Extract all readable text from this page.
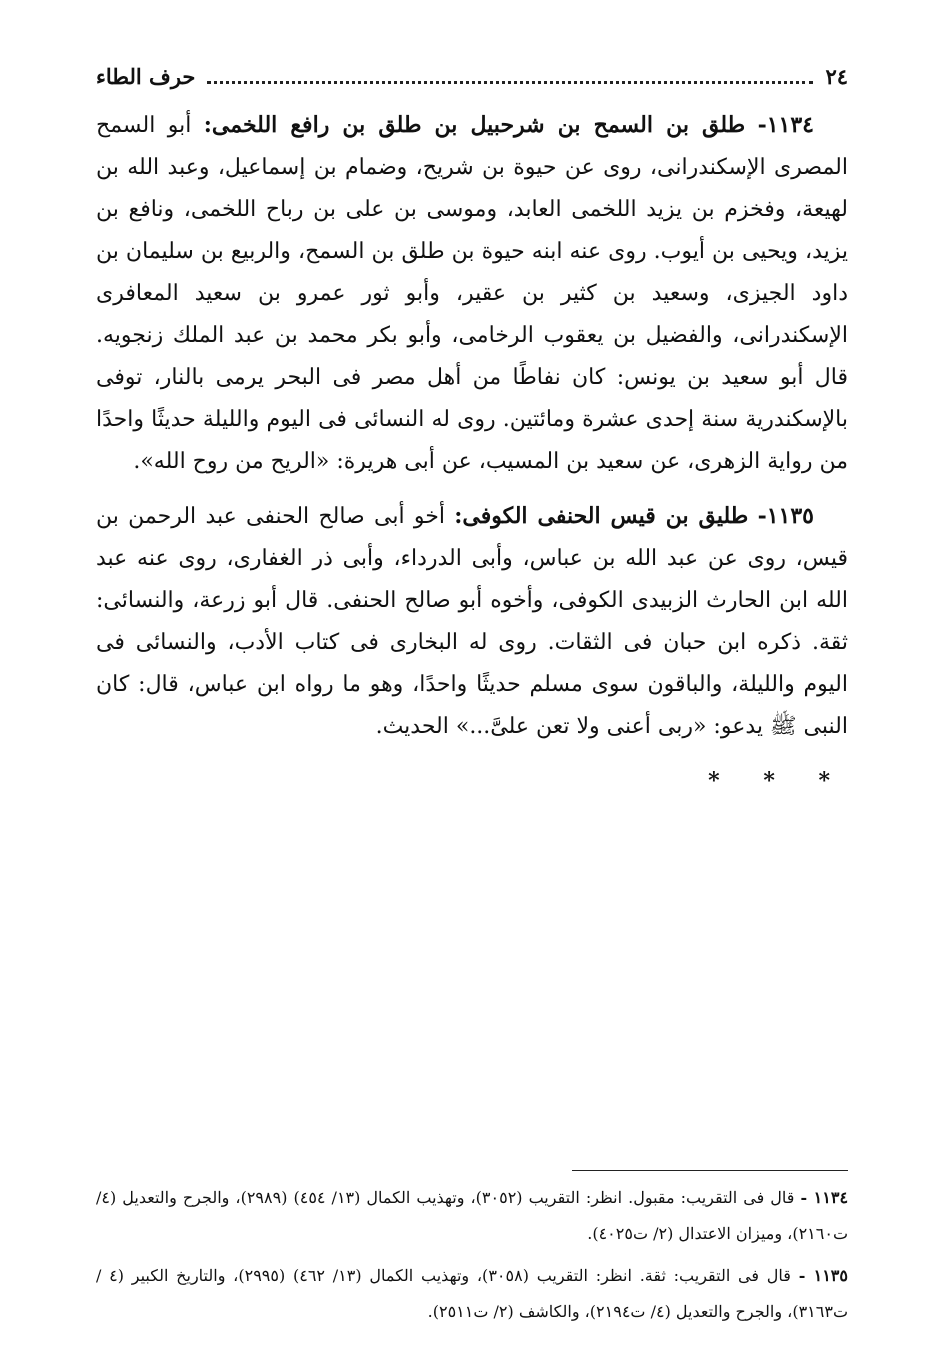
٢٤
حرف الطاء

١١٣٤- طلق بن السمح بن شرحبيل بن طلق بن رافع اللخمى: أبو السمح المصرى الإسكندرانى، روى عن حيوة بن شريح، وضمام بن إسماعيل، وعبد الله بن لهيعة، وفخزم بن يزيد اللخمى العابد، وموسى بن على بن رباح اللخمى، ونافع بن يزيد، ويحيى بن أيوب. روى عنه ابنه حيوة بن طلق بن السمح، والربيع بن سليمان بن داود الجيزى، وسعيد بن كثير بن عقير، وأبو ثور عمرو بن سعيد المعافرى الإسكندرانى، والفضيل بن يعقوب الرخامى، وأبو بكر محمد بن عبد الملك زنجويه. قال أبو سعيد بن يونس: كان نفاطًا من أهل مصر فى البحر يرمى بالنار، توفى بالإسكندرية سنة إحدى عشرة ومائتين. روى له النسائى فى اليوم والليلة حديثًا واحدًا من رواية الزهرى، عن سعيد بن المسيب، عن أبى هريرة: «الريح من روح الله».

١١٣٥- طليق بن قيس الحنفى الكوفى: أخو أبى صالح الحنفى عبد الرحمن بن قيس، روى عن عبد الله بن عباس، وأبى الدرداء، وأبى ذر الغفارى، روى عنه عبد الله ابن الحارث الزبيدى الكوفى، وأخوه أبو صالح الحنفى. قال أبو زرعة، والنسائى: ثقة. ذكره ابن حبان فى الثقات. روى له البخارى فى كتاب الأدب، والنسائى فى اليوم والليلة، والباقون سوى مسلم حديثًا واحدًا، وهو ما رواه ابن عباس، قال: كان النبى ﷺ يدعو: «ربى أعنى ولا تعن علىَّ...» الحديث.

* * *

١١٣٤ - قال فى التقريب: مقبول. انظر: التقريب (٣٠٥٢)، وتهذيب الكمال (١٣/ ٤٥٤) (٢٩٨٩)، والجرح والتعديل (٤/ ت٢١٦٠)، وميزان الاعتدال (٢/ ت٤٠٢٥).

١١٣٥ - قال فى التقريب: ثقة. انظر: التقريب (٣٠٥٨)، وتهذيب الكمال (١٣/ ٤٦٢) (٢٩٩٥)، والتاريخ الكبير (٤ / ت٣١٦٣)، والجرح والتعديل (٤/ ت٢١٩٤)، والكاشف (٢/ ت٢٥١١).
